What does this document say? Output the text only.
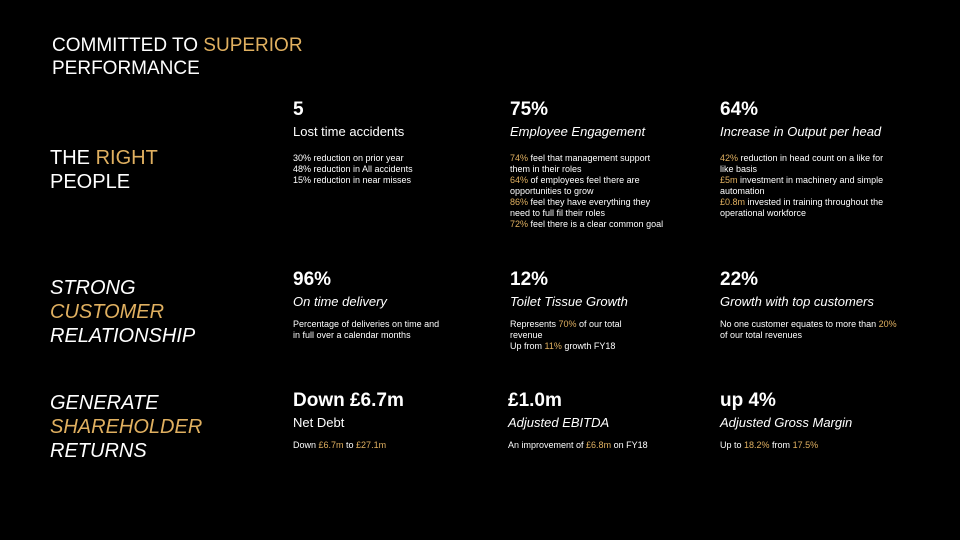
COMMITTED TO SUPERIOR
PERFORMANCE
THE RIGHT
PEOPLE
STRONG
CUSTOMER
RELATIONSHIP
GENERATE
SHAREHOLDER
RETURNS
5
Lost time accidents
30% reduction on prior year
48% reduction in All accidents
15% reduction in near misses
75%
Employee Engagement
74% feel that management support them in their roles
64% of employees feel there are opportunities to grow
86% feel they have everything they need to full fil their roles
72% feel there is a clear common goal
64%
Increase in Output per head
42% reduction in head count on a like for like basis
£5m investment in machinery and simple automation
£0.8m invested in training throughout the operational workforce
96%
On time delivery
Percentage of deliveries on time and in full over a calendar months
12%
Toilet Tissue Growth
Represents 70% of our total revenue
Up from 11% growth FY18
22%
Growth with top customers
No one customer equates to more than 20% of our total revenues
Down £6.7m
Net Debt
Down £6.7m to £27.1m
£1.0m
Adjusted EBITDA
An improvement of £6.8m on FY18
up 4%
Adjusted Gross Margin
Up to 18.2% from 17.5%
